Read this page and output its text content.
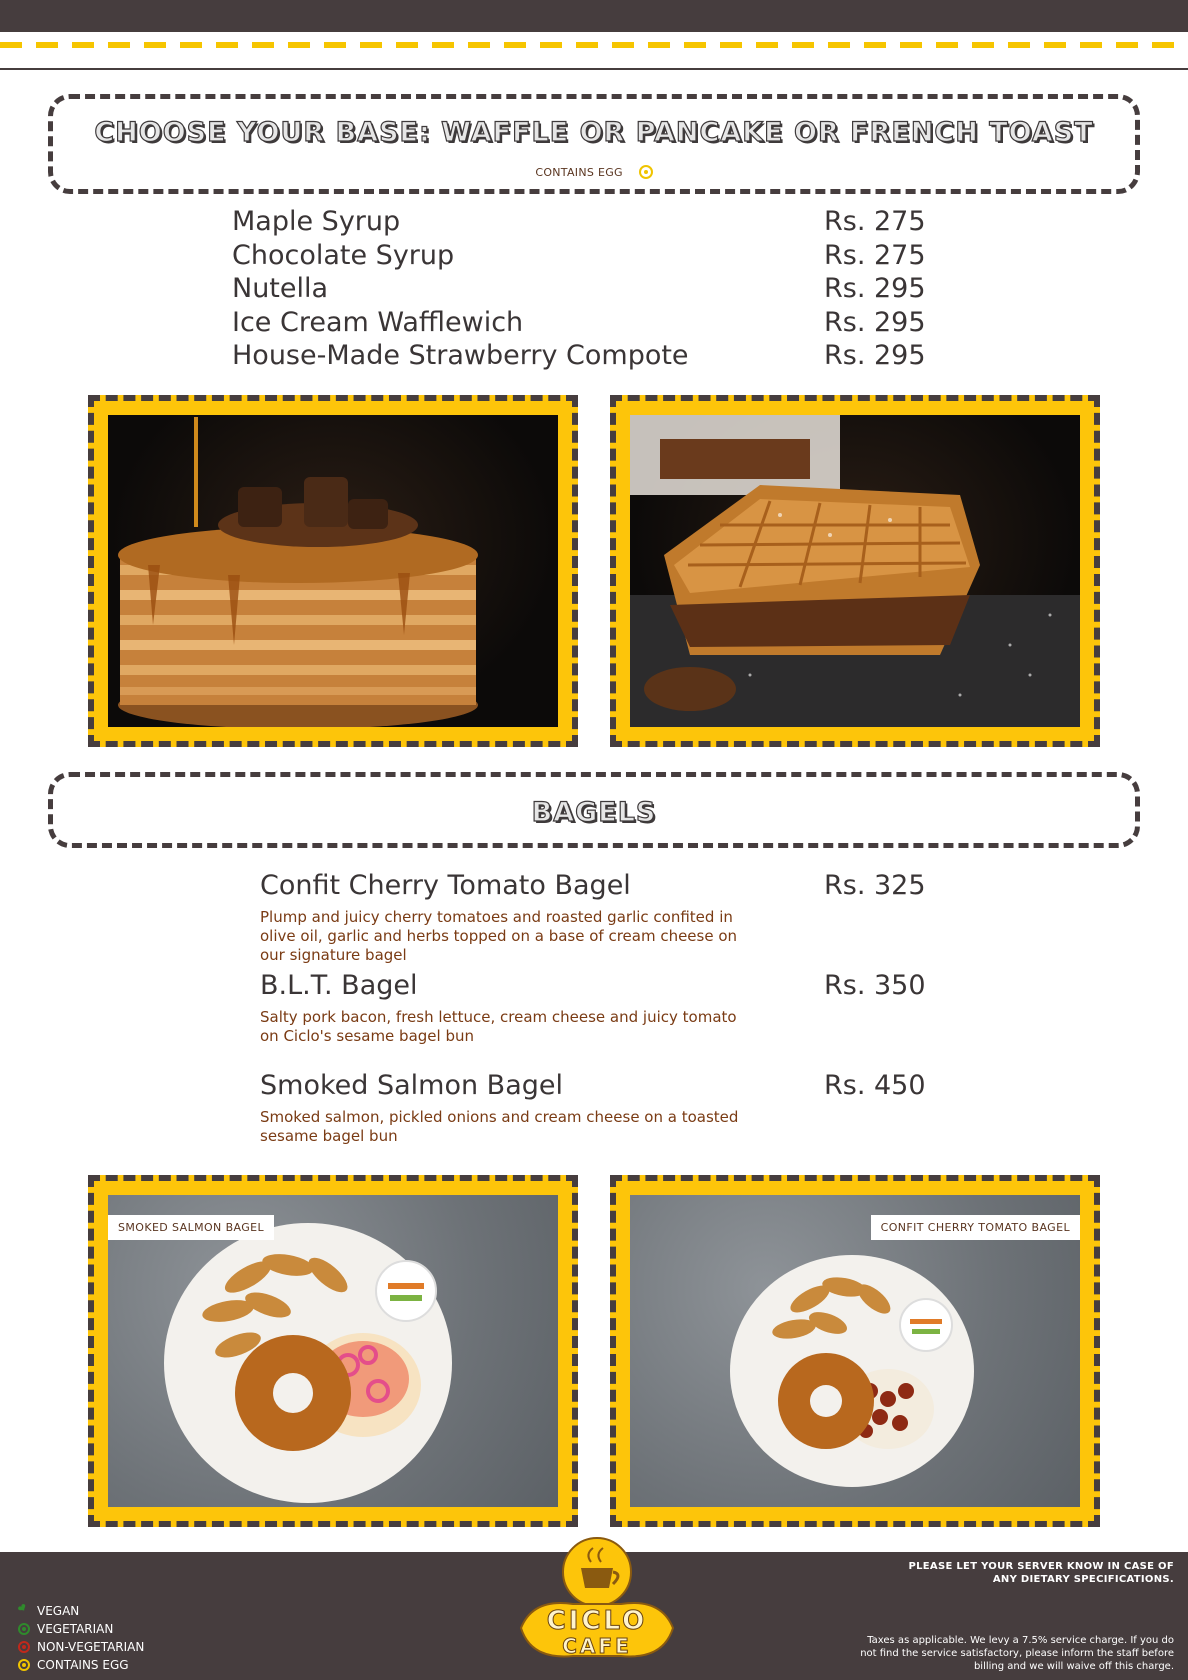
CHOOSE YOUR BASE: WAFFLE OR PANCAKE OR FRENCH TOAST
CONTAINS EGG
Maple Syrup	Rs. 275
Chocolate Syrup	Rs. 275
Nutella	Rs. 295
Ice Cream Wafflewich	Rs. 295
House-Made Strawberry Compote	Rs. 295
BAGELS
Confit Cherry Tomato Bagel	Rs. 325
Plump and juicy cherry tomatoes and roasted garlic confited in olive oil, garlic and herbs topped on a base of cream cheese on our signature bagel
B.L.T. Bagel	Rs. 350
Salty pork bacon, fresh lettuce, cream cheese and juicy tomato on Ciclo's sesame bagel bun
Smoked Salmon Bagel	Rs. 450
Smoked salmon, pickled onions and cream cheese on a toasted sesame bagel bun
SMOKED SALMON BAGEL	CONFIT CHERRY TOMATO BAGEL
❤
VEGAN
VEGETARIAN
NON-VEGETARIAN
CONTAINS EGG
CICLO
CAFE
PLEASE LET YOUR SERVER KNOW IN CASE OF ANY DIETARY SPECIFICATIONS.
Taxes as applicable. We levy a 7.5% service charge. If you do not find the service satisfactory, please inform the staff before billing and we will waive off this charge.
